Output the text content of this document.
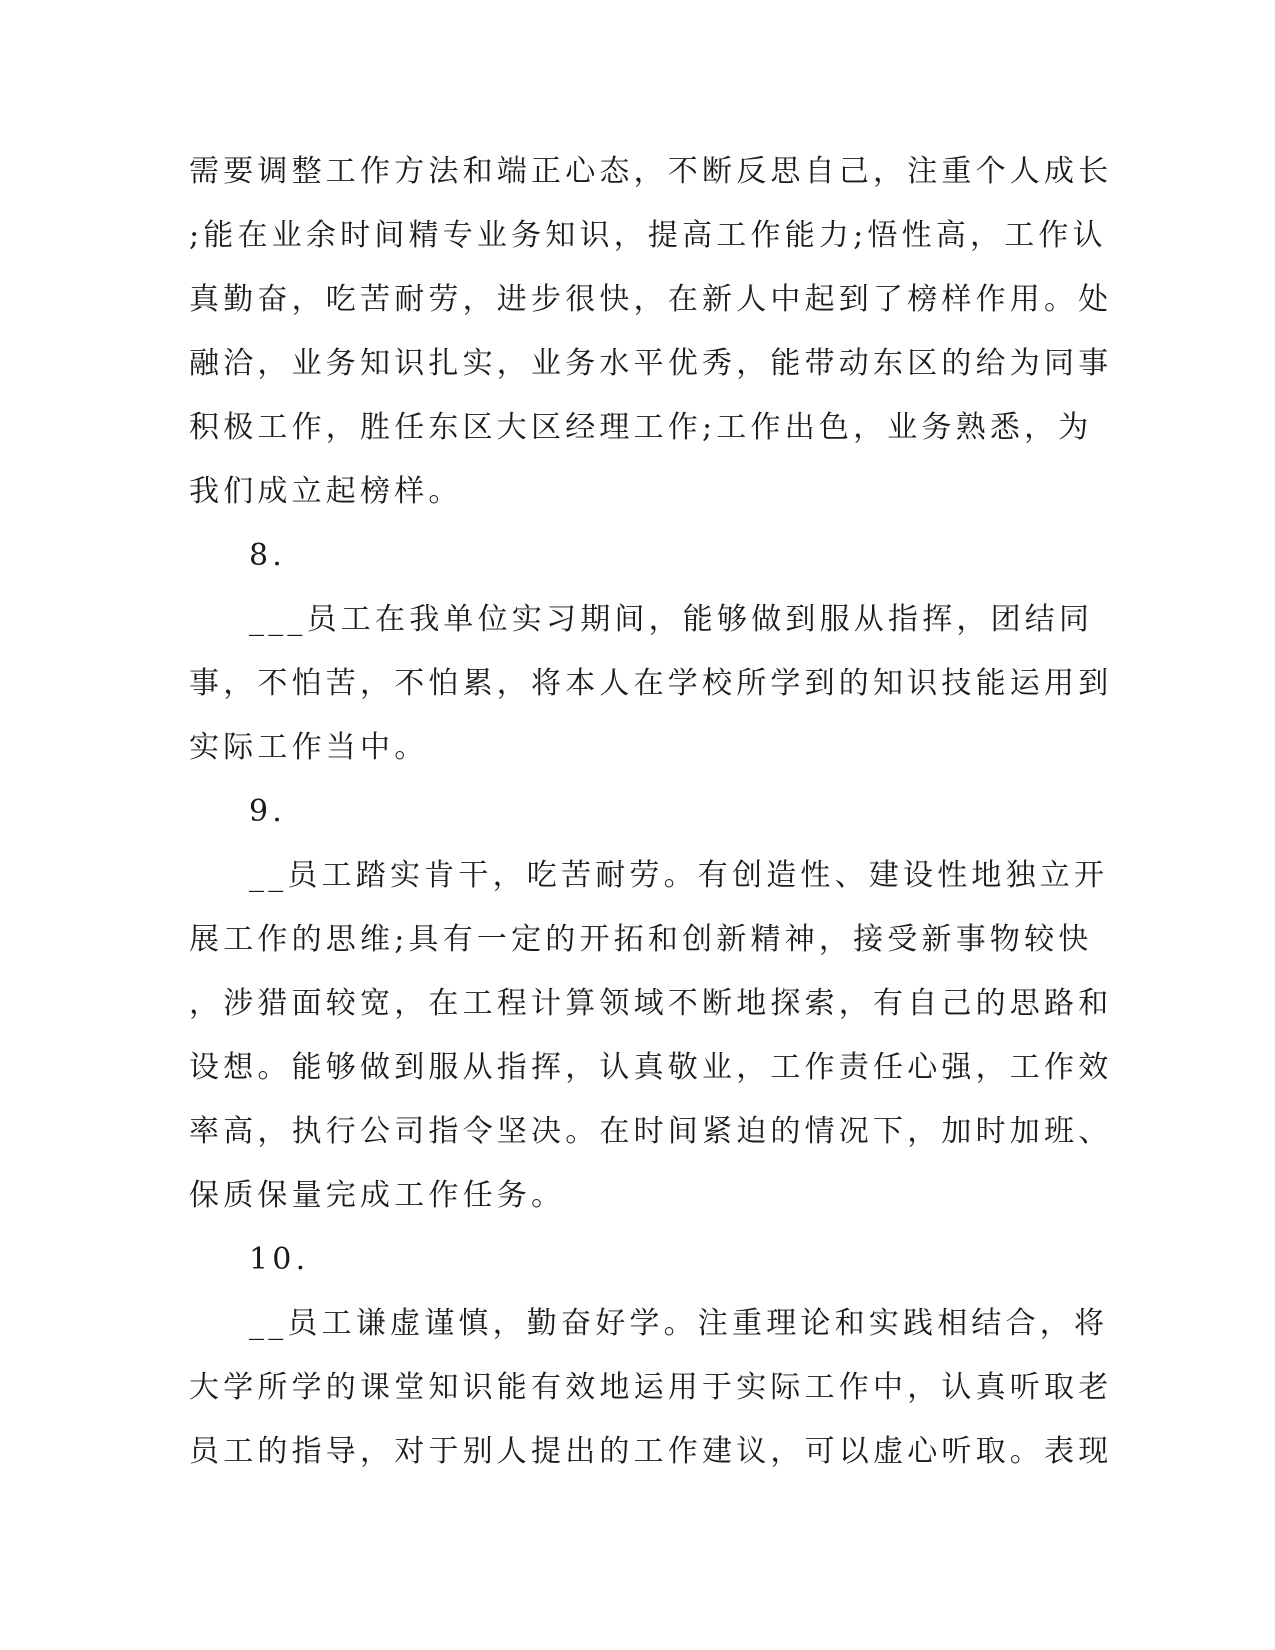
需要调整工作方法和端正心态，不断反思自己，注重个人成长
;能在业余时间精专业务知识，提高工作能力;悟性高，工作认
真勤奋，吃苦耐劳，进步很快，在新人中起到了榜样作用。处
融洽，业务知识扎实，业务水平优秀，能带动东区的给为同事
积极工作，胜任东区大区经理工作;工作出色，业务熟悉，为
我们成立起榜样。
8.
___员工在我单位实习期间，能够做到服从指挥，团结同
事，不怕苦，不怕累，将本人在学校所学到的知识技能运用到
实际工作当中。
9.
__员工踏实肯干，吃苦耐劳。有创造性、建设性地独立开
展工作的思维;具有一定的开拓和创新精神，接受新事物较快
，涉猎面较宽，在工程计算领域不断地探索，有自己的思路和
设想。能够做到服从指挥，认真敬业，工作责任心强，工作效
率高，执行公司指令坚决。在时间紧迫的情况下，加时加班、
保质保量完成工作任务。
10.
__员工谦虚谨慎，勤奋好学。注重理论和实践相结合，将
大学所学的课堂知识能有效地运用于实际工作中，认真听取老
员工的指导，对于别人提出的工作建议，可以虚心听取。表现
